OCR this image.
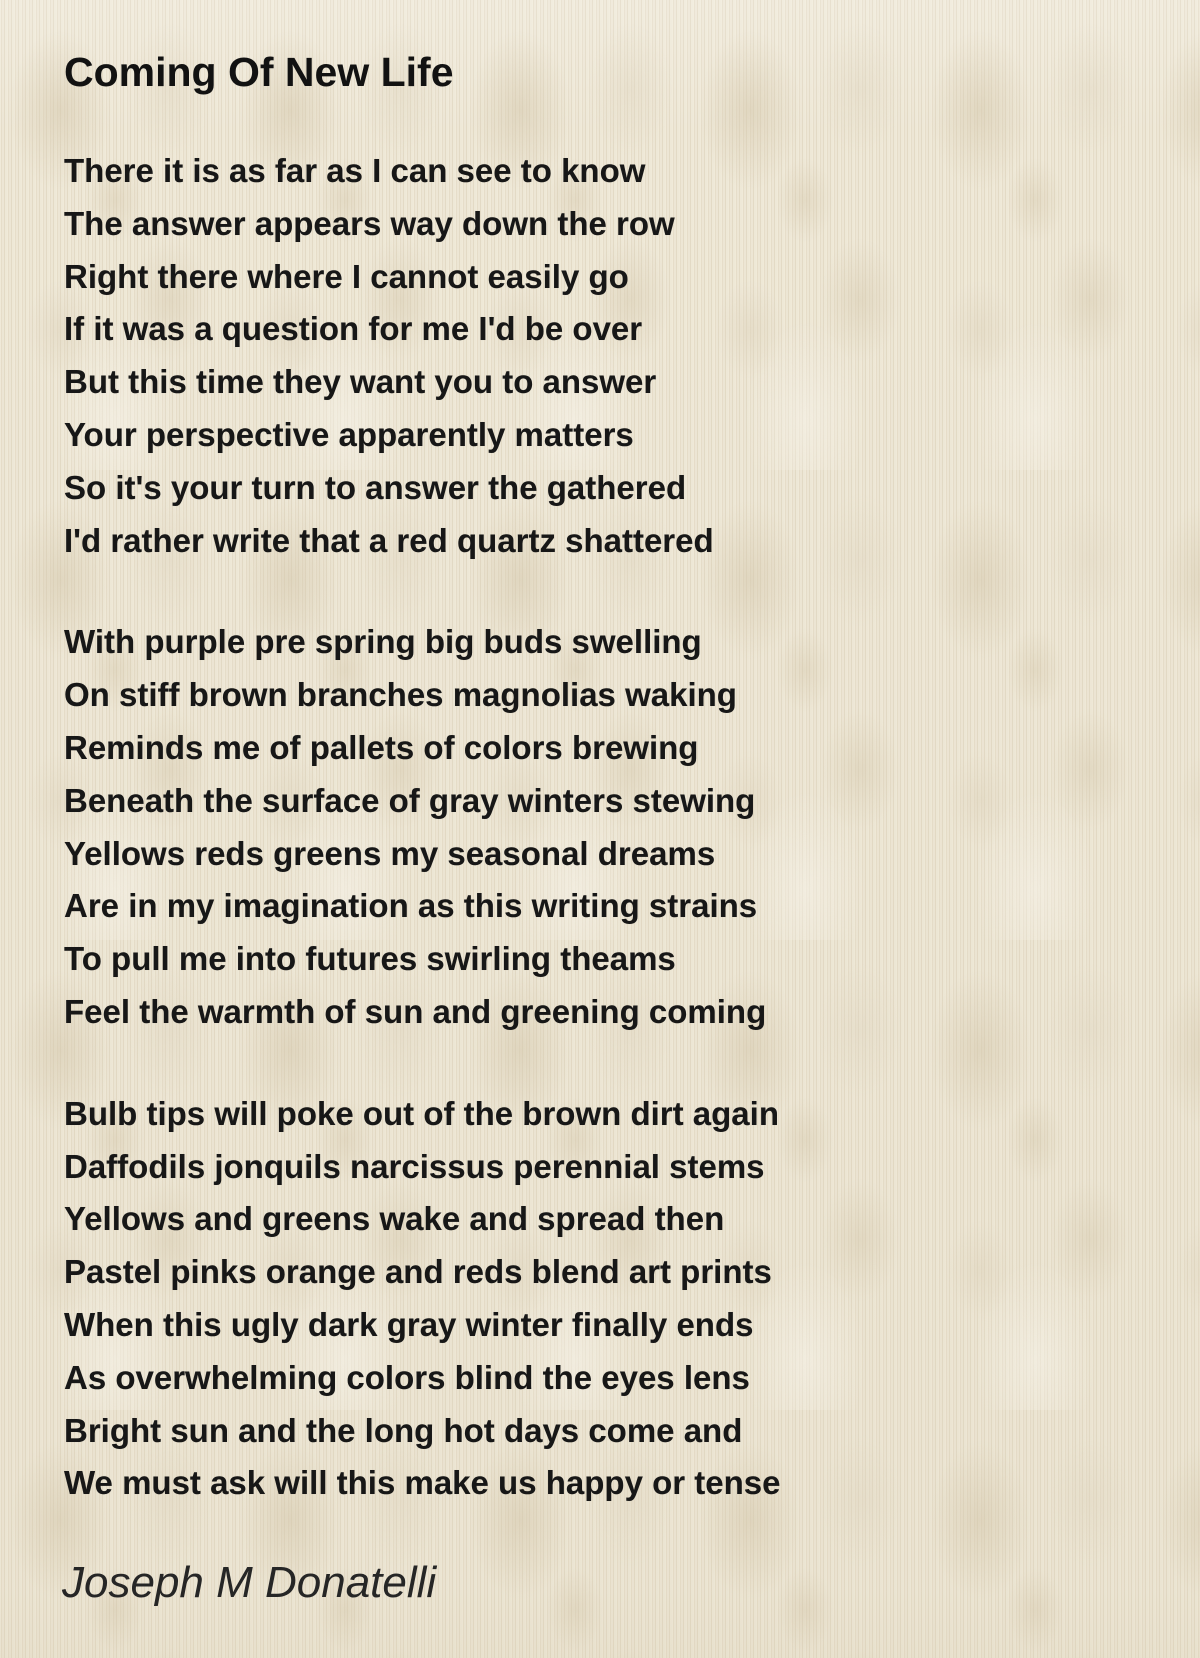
Coming Of New Life
There it is as far as I can see to know
The answer appears way down the row
Right there where I cannot easily go
If it was a question for me I'd be over
But this time they want you to answer
Your perspective apparently matters
So it's your turn to answer the gathered
I'd rather write that a red quartz shattered
With purple pre spring big buds swelling
On stiff brown branches magnolias waking
Reminds me of pallets of colors brewing
Beneath the surface of gray winters stewing
Yellows reds greens my seasonal dreams
Are in my imagination as this writing strains
To pull me into futures swirling theams
Feel the warmth of sun and greening coming
Bulb tips will poke out of the brown dirt again
Daffodils jonquils narcissus perennial stems
Yellows and greens wake and spread then
Pastel pinks orange and reds blend art prints
When this ugly dark gray winter finally ends
As overwhelming colors blind the eyes lens
Bright sun and the long hot days come and
We must ask will this make us happy or tense
Joseph M Donatelli
